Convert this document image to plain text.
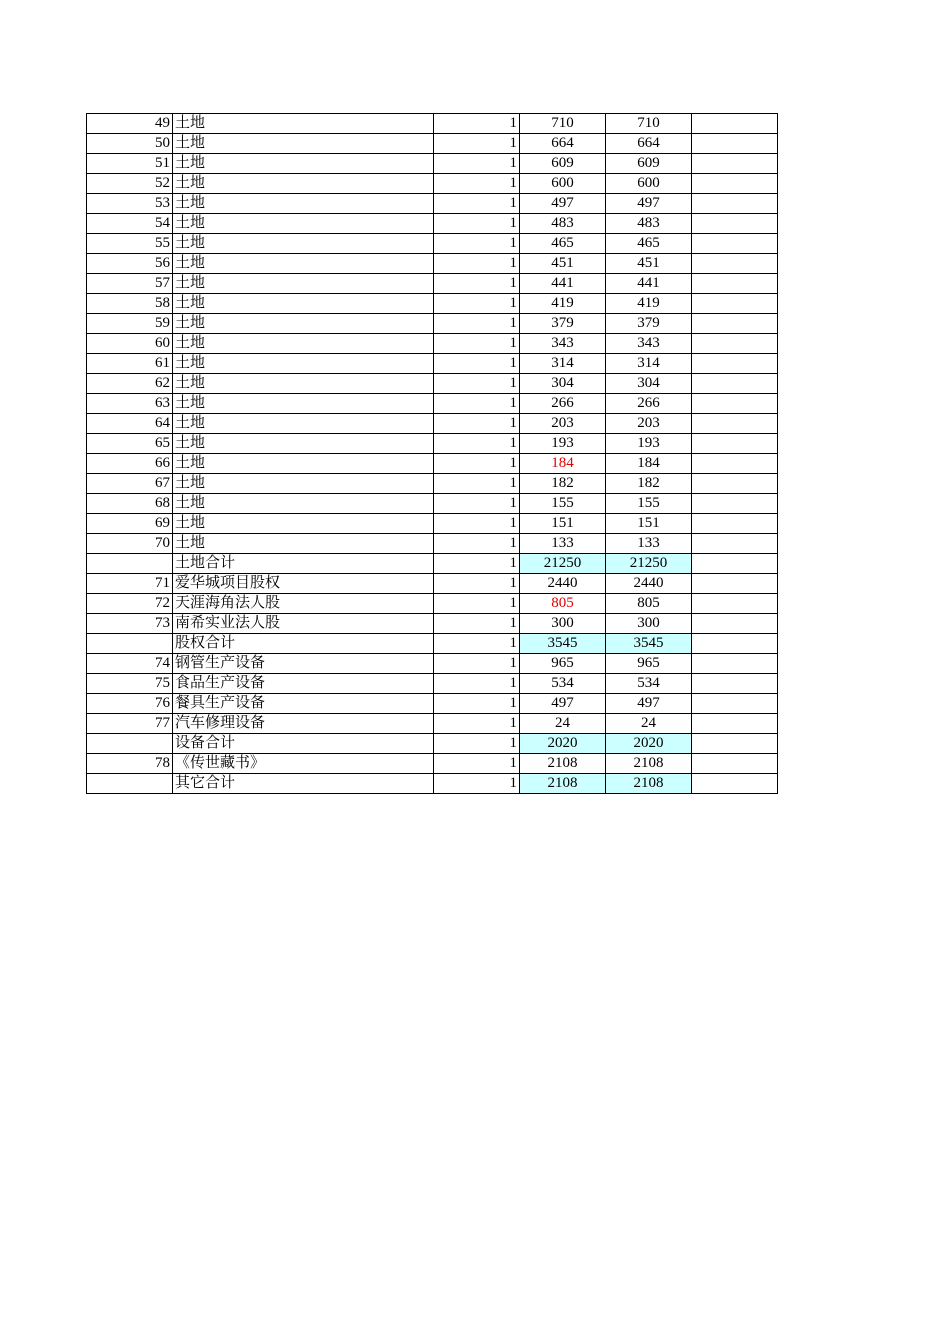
49	土地	1	710	710	
50	土地	1	664	664	
51	土地	1	609	609	
52	土地	1	600	600	
53	土地	1	497	497	
54	土地	1	483	483	
55	土地	1	465	465	
56	土地	1	451	451	
57	土地	1	441	441	
58	土地	1	419	419	
59	土地	1	379	379	
60	土地	1	343	343	
61	土地	1	314	314	
62	土地	1	304	304	
63	土地	1	266	266	
64	土地	1	203	203	
65	土地	1	193	193	
66	土地	1	184	184	
67	土地	1	182	182	
68	土地	1	155	155	
69	土地	1	151	151	
70	土地	1	133	133	
	土地合计	1	21250	21250	
71	爱华城项目股权	1	2440	2440	
72	天涯海角法人股	1	805	805	
73	南希实业法人股	1	300	300	
	股权合计	1	3545	3545	
74	钢管生产设备	1	965	965	
75	食品生产设备	1	534	534	
76	餐具生产设备	1	497	497	
77	汽车修理设备	1	24	24	
	设备合计	1	2020	2020	
78	《传世藏书》	1	2108	2108	
	其它合计	1	2108	2108	
